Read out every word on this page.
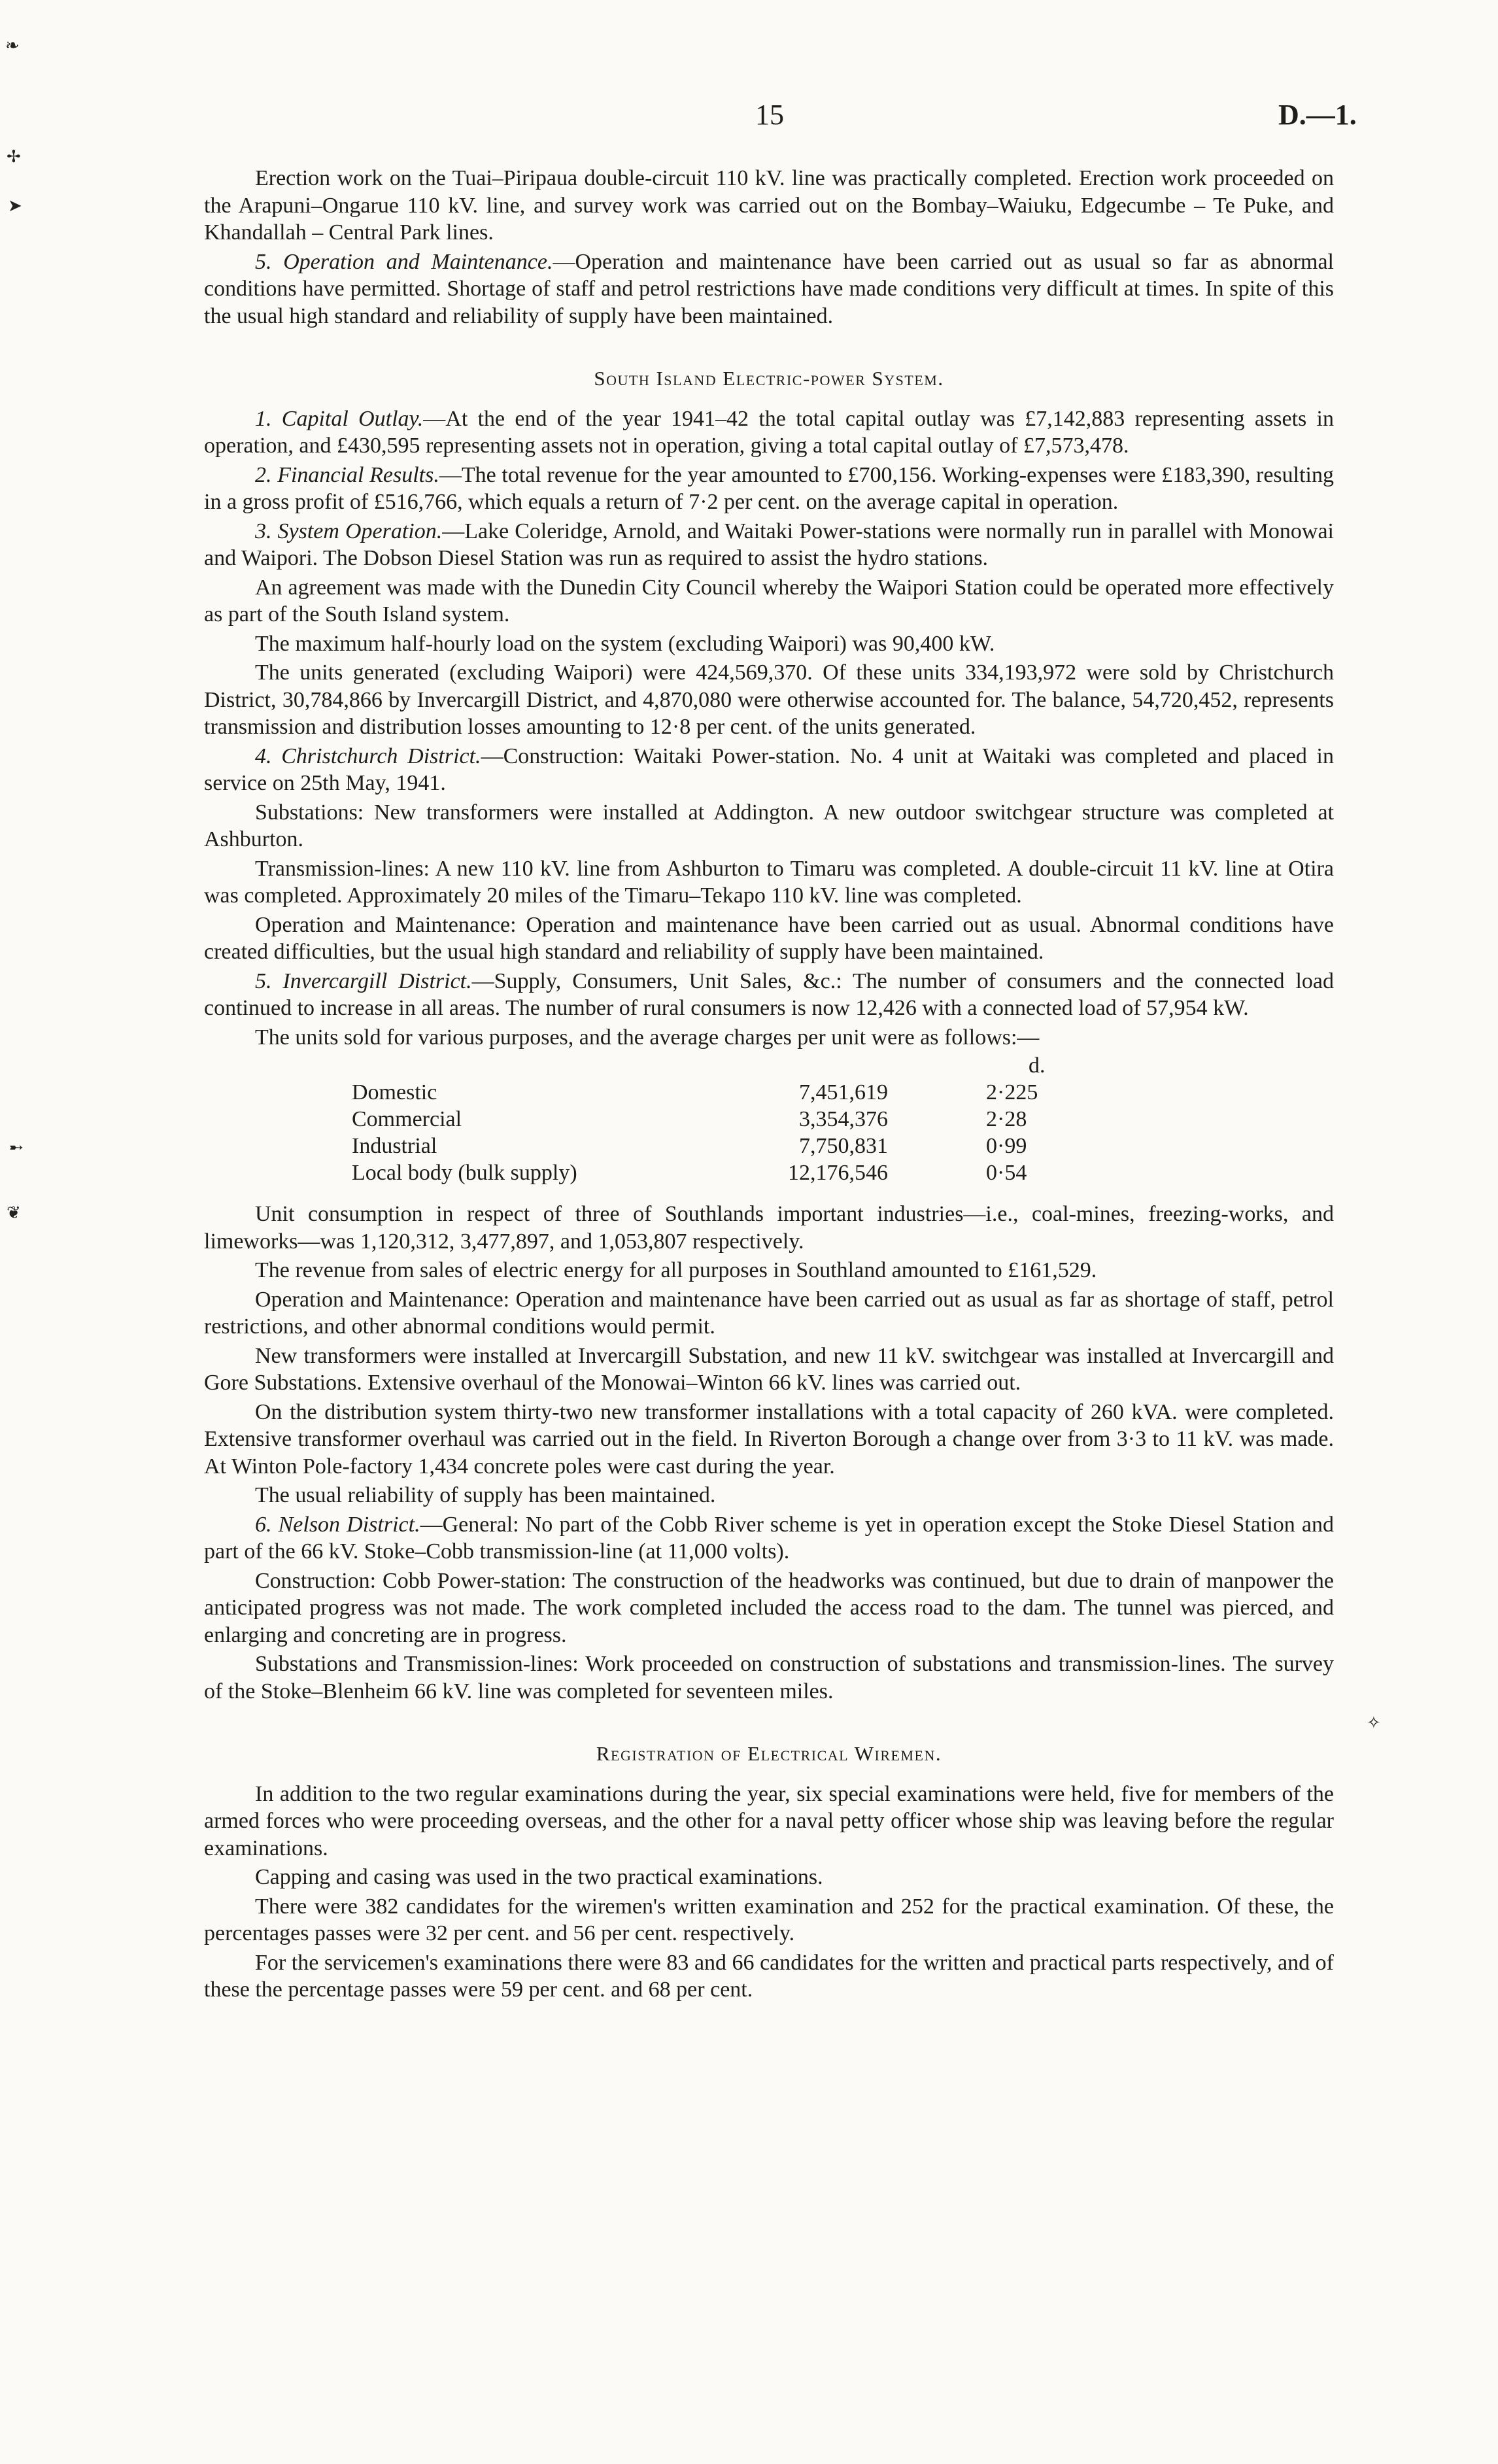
15	D.—1.
❧
✢
➤
➸
❦
✧

Erection work on the Tuai–Piripaua double-circuit 110 kV. line was practically completed. Erection work proceeded on the Arapuni–Ongarue 110 kV. line, and survey work was carried out on the Bombay–Waiuku, Edgecumbe – Te Puke, and Khandallah – Central Park lines.

5. Operation and Maintenance.—Operation and maintenance have been carried out as usual so far as abnormal conditions have permitted. Shortage of staff and petrol restrictions have made conditions very difficult at times. In spite of this the usual high standard and reliability of supply have been maintained.

South Island Electric-power System.

1. Capital Outlay.—At the end of the year 1941–42 the total capital outlay was £7,142,883 representing assets in operation, and £430,595 representing assets not in operation, giving a total capital outlay of £7,573,478.

2. Financial Results.—The total revenue for the year amounted to £700,156. Working-expenses were £183,390, resulting in a gross profit of £516,766, which equals a return of 7·2 per cent. on the average capital in operation.

3. System Operation.—Lake Coleridge, Arnold, and Waitaki Power-stations were normally run in parallel with Monowai and Waipori. The Dobson Diesel Station was run as required to assist the hydro stations.

An agreement was made with the Dunedin City Council whereby the Waipori Station could be operated more effectively as part of the South Island system.

The maximum half-hourly load on the system (excluding Waipori) was 90,400 kW.

The units generated (excluding Waipori) were 424,569,370. Of these units 334,193,972 were sold by Christchurch District, 30,784,866 by Invercargill District, and 4,870,080 were otherwise accounted for. The balance, 54,720,452, represents transmission and distribution losses amounting to 12·8 per cent. of the units generated.

4. Christchurch District.—Construction: Waitaki Power-station. No. 4 unit at Waitaki was completed and placed in service on 25th May, 1941.

Substations: New transformers were installed at Addington. A new outdoor switchgear structure was completed at Ashburton.

Transmission-lines: A new 110 kV. line from Ashburton to Timaru was completed. A double-circuit 11 kV. line at Otira was completed. Approximately 20 miles of the Timaru–Tekapo 110 kV. line was completed.

Operation and Maintenance: Operation and maintenance have been carried out as usual. Abnormal conditions have created difficulties, but the usual high standard and reliability of supply have been maintained.

5. Invercargill District.—Supply, Consumers, Unit Sales, &c.: The number of consumers and the connected load continued to increase in all areas. The number of rural consumers is now 12,426 with a connected load of 57,954 kW.

The units sold for various purposes, and the average charges per unit were as follows:—

		d.
Domestic	7,451,619	2·225
Commercial	3,354,376	2·28
Industrial	7,750,831	0·99
Local body (bulk supply)	12,176,546	0·54

Unit consumption in respect of three of Southlands important industries—i.e., coal-mines, freezing-works, and limeworks—was 1,120,312, 3,477,897, and 1,053,807 respectively.

The revenue from sales of electric energy for all purposes in Southland amounted to £161,529.

Operation and Maintenance: Operation and maintenance have been carried out as usual as far as shortage of staff, petrol restrictions, and other abnormal conditions would permit.

New transformers were installed at Invercargill Substation, and new 11 kV. switchgear was installed at Invercargill and Gore Substations. Extensive overhaul of the Monowai–Winton 66 kV. lines was carried out.

On the distribution system thirty-two new transformer installations with a total capacity of 260 kVA. were completed. Extensive transformer overhaul was carried out in the field. In Riverton Borough a change over from 3·3 to 11 kV. was made. At Winton Pole-factory 1,434 concrete poles were cast during the year.

The usual reliability of supply has been maintained.

6. Nelson District.—General: No part of the Cobb River scheme is yet in operation except the Stoke Diesel Station and part of the 66 kV. Stoke–Cobb transmission-line (at 11,000 volts).

Construction: Cobb Power-station: The construction of the headworks was continued, but due to drain of manpower the anticipated progress was not made. The work completed included the access road to the dam. The tunnel was pierced, and enlarging and concreting are in progress.

Substations and Transmission-lines: Work proceeded on construction of substations and transmission-lines. The survey of the Stoke–Blenheim 66 kV. line was completed for seventeen miles.

Registration of Electrical Wiremen.

In addition to the two regular examinations during the year, six special examinations were held, five for members of the armed forces who were proceeding overseas, and the other for a naval petty officer whose ship was leaving before the regular examinations.

Capping and casing was used in the two practical examinations.

There were 382 candidates for the wiremen's written examination and 252 for the practical examination. Of these, the percentages passes were 32 per cent. and 56 per cent. respectively.

For the servicemen's examinations there were 83 and 66 candidates for the written and practical parts respectively, and of these the percentage passes were 59 per cent. and 68 per cent.
